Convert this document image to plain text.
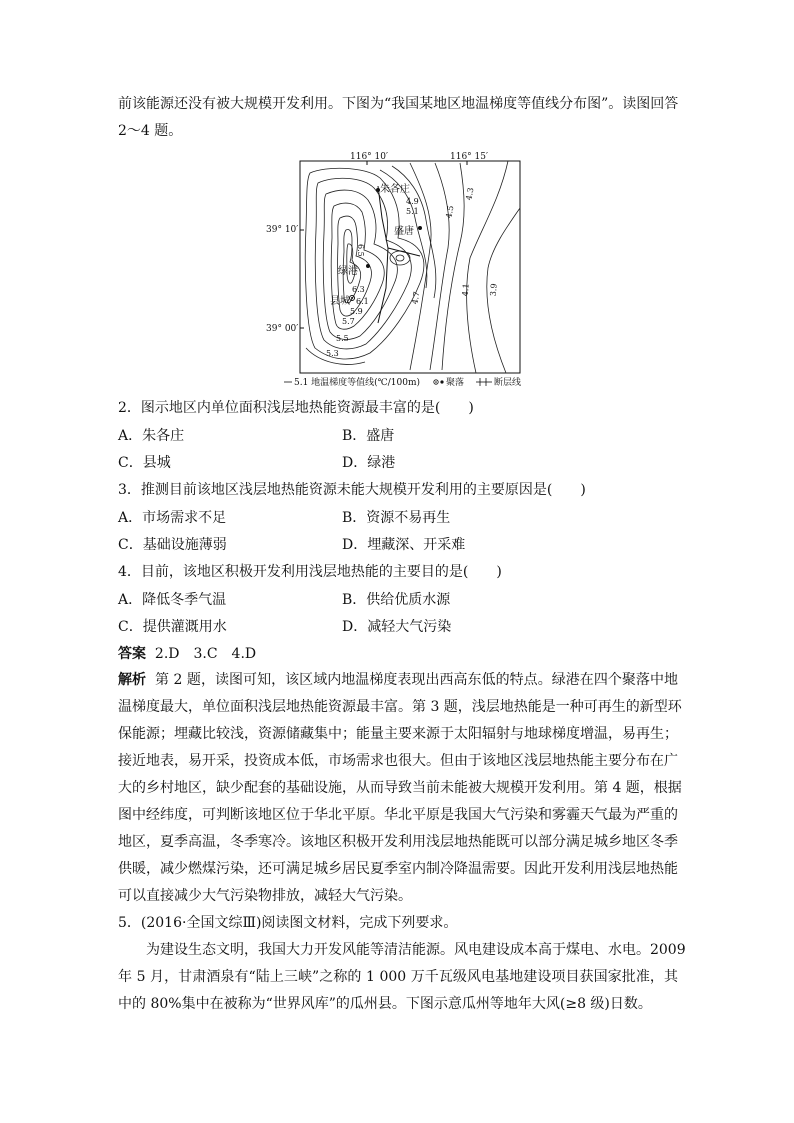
前该能源还没有被大规模开发利用。下图为“我国某地区地温梯度等值线分布图”。读图回答
2～4 题。
116° 10′	116° 15′
39° 10′
39° 00′
朱各庄
盛唐
绿港
县城
4.9
5.1	4.5
4.3
6.5
6.3
6.1
5.9
5.7
5.5
5.3
4.7
4.1 3.9
5.1 地温梯度等值线(℃/100m)	聚落	断层线
2．图示地区内单位面积浅层地热能资源最丰富的是(　　)
A．朱各庄	B．盛唐
C．县城	D．绿港
3．推测目前该地区浅层地热能资源未能大规模开发利用的主要原因是(　　)
A．市场需求不足	B．资源不易再生
C．基础设施薄弱	D．埋藏深、开采难
4．目前，该地区积极开发利用浅层地热能的主要目的是(　　)
A．降低冬季气温	B．供给优质水源
C．提供灌溉用水	D．减轻大气污染
答案 2.D　3.C　4.D
解析 第 2 题，读图可知，该区域内地温梯度表现出西高东低的特点。绿港在四个聚落中地
温梯度最大，单位面积浅层地热能资源最丰富。第 3 题，浅层地热能是一种可再生的新型环
保能源；埋藏比较浅，资源储藏集中；能量主要来源于太阳辐射与地球梯度增温，易再生；
接近地表，易开采，投资成本低，市场需求也很大。但由于该地区浅层地热能主要分布在广
大的乡村地区，缺少配套的基础设施，从而导致当前未能被大规模开发利用。第 4 题，根据
图中经纬度，可判断该地区位于华北平原。华北平原是我国大气污染和雾霾天气最为严重的
地区，夏季高温，冬季寒冷。该地区积极开发利用浅层地热能既可以部分满足城乡地区冬季
供暖，减少燃煤污染，还可满足城乡居民夏季室内制冷降温需要。因此开发利用浅层地热能
可以直接减少大气污染物排放，减轻大气污染。
5．(2016·全国文综Ⅲ)阅读图文材料，完成下列要求。
为建设生态文明，我国大力开发风能等清洁能源。风电建设成本高于煤电、水电。2009
年 5 月，甘肃酒泉有“陆上三峡”之称的 1 000 万千瓦级风电基地建设项目获国家批准，其
中的 80%集中在被称为“世界风库”的瓜州县。下图示意瓜州等地年大风(≥8 级)日数。
